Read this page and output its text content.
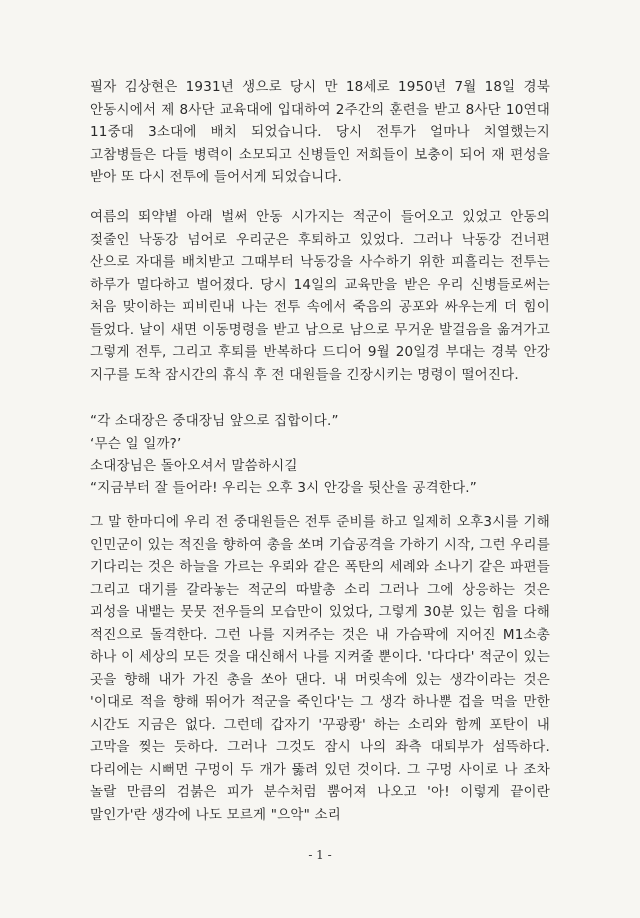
필자 김상현은 1931년 생으로 당시 만 18세로 1950년 7월 18일 경북 안동시에서 제 8사단 교육대에 입대하여 2주간의 훈련을 받고 8사단 10연대 11중대 3소대에 배치 되었습니다. 당시 전투가 얼마나 치열했는지 고참병들은 다들 병력이 소모되고 신병들인 저희들이 보충이 되어 재 편성을 받아 또 다시 전투에 들어서게 되었습니다.

여름의 뙤약볕 아래 벌써 안동 시가지는 적군이 들어오고 있었고 안동의 젖줄인 낙동강 넘어로 우리군은 후퇴하고 있었다. 그러나 낙동강 건너편 산으로 자대를 배치받고 그때부터 낙동강을 사수하기 위한 피흘리는 전투는 하루가 멀다하고 벌어졌다. 당시 14일의 교육만을 받은 우리 신병들로써는 처음 맞이하는 피비린내 나는 전투 속에서 죽음의 공포와 싸우는게 더 힘이 들었다. 날이 새면 이동명령을 받고 남으로 남으로 무거운 발걸음을 옮겨가고 그렇게 전투, 그리고 후퇴를 반복하다 드디어 9월 20일경 부대는 경북 안강 지구를 도착 잠시간의 휴식 후 전 대원들을 긴장시키는 명령이 떨어진다.

“각 소대장은 중대장님 앞으로 집합이다.”

‘무슨 일 일까?’

소대장님은 돌아오셔서 말씀하시길

“지금부터 잘 들어라! 우리는 오후 3시 안강을 뒷산을 공격한다.”

그 말 한마디에 우리 전 중대원들은 전투 준비를 하고 일제히 오후3시를 기해 인민군이 있는 적진을 향하여 총을 쏘며 기습공격을 가하기 시작, 그런 우리를 기다리는 것은 하늘을 가르는 우뢰와 같은 폭탄의 세례와 소나기 같은 파편들 그리고 대기를 갈라놓는 적군의 따발총 소리 그러나 그에 상응하는 것은 괴성을 내뱉는 뭇뭇 전우들의 모습만이 있었다, 그렇게 30분 있는 힘을 다해 적진으로 돌격한다. 그런 나를 지켜주는 것은 내 가슴팍에 지어진 M1소총 하나 이 세상의 모든 것을 대신해서 나를 지켜줄 뿐이다. '다다다' 적군이 있는 곳을 향해 내가 가진 총을 쏘아 댄다. 내 머릿속에 있는 생각이라는 것은 '이대로 적을 향해 뛰어가 적군을 죽인다'는 그 생각 하나뿐 겁을 먹을 만한 시간도 지금은 없다. 그런데 갑자기 '꾸광쾅' 하는 소리와 함께 포탄이 내 고막을 찢는 듯하다. 그러나 그것도 잠시 나의 좌측 대퇴부가 섬뜩하다. 다리에는 시뻐먼 구멍이 두 개가 뚫려 있던 것이다. 그 구멍 사이로 나 조차 놀랄 만큼의 검붉은 피가 분수처럼 뿜어져 나오고 '아! 이렇게 끝이란 말인가'란 생각에 나도 모르게 "으악" 소리

- 1 -
